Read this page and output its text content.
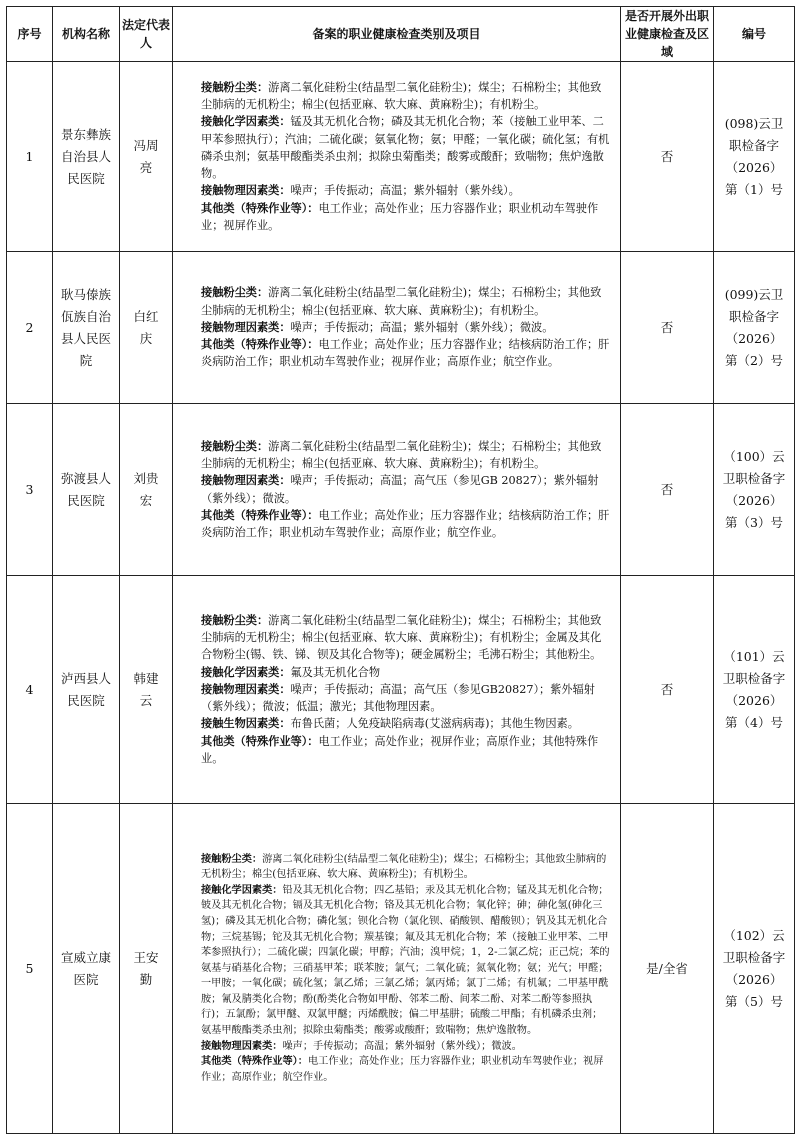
序号	机构名称	法定代表人	备案的职业健康检查类别及项目	是否开展外出职业健康检查及区域	编号
1	景东彝族自治县人民医院	冯周亮	接触粉尘类：游离二氧化硅粉尘(结晶型二氧化硅粉尘)；煤尘；石棉粉尘；其他致尘肺病的无机粉尘；棉尘(包括亚麻、软大麻、黄麻粉尘)；有机粉尘。
接触化学因素类：锰及其无机化合物；磷及其无机化合物；苯（接触工业甲苯、二甲苯参照执行）；汽油；二硫化碳；氨氧化物；氨；甲醛；一氧化碳；硫化氢；有机磷杀虫剂；氨基甲酸酯类杀虫剂；拟除虫菊酯类；酸雾或酸酐；致喘物；焦炉逸散物。
接触物理因素类：噪声；手传振动；高温；紫外辐射（紫外线）。
其他类（特殊作业等）：电工作业；高处作业；压力容器作业；职业机动车驾驶作业；视屏作业。	否	(098)云卫职检备字（2026）第（1）号
2	耿马傣族佤族自治县人民医院	白红庆	接触粉尘类：游离二氧化硅粉尘(结晶型二氧化硅粉尘)；煤尘；石棉粉尘；其他致尘肺病的无机粉尘；棉尘(包括亚麻、软大麻、黄麻粉尘)；有机粉尘。
接触物理因素类：噪声；手传振动；高温；紫外辐射（紫外线）；微波。
其他类（特殊作业等）：电工作业；高处作业；压力容器作业；结核病防治工作；肝炎病防治工作；职业机动车驾驶作业；视屏作业；高原作业；航空作业。	否	(099)云卫职检备字（2026）第（2）号
3	弥渡县人民医院	刘贵宏	接触粉尘类：游离二氧化硅粉尘(结晶型二氧化硅粉尘)；煤尘；石棉粉尘；其他致尘肺病的无机粉尘；棉尘(包括亚麻、软大麻、黄麻粉尘)；有机粉尘。
接触物理因素类：噪声；手传振动；高温；高气压（参见GB 20827）；紫外辐射（紫外线）；微波。
其他类（特殊作业等）：电工作业；高处作业；压力容器作业；结核病防治工作；肝炎病防治工作；职业机动车驾驶作业；高原作业；航空作业。	否	（100）云卫职检备字（2026）第（3）号
4	泸西县人民医院	韩建云	接触粉尘类：游离二氧化硅粉尘(结晶型二氧化硅粉尘)；煤尘；石棉粉尘；其他致尘肺病的无机粉尘；棉尘(包括亚麻、软大麻、黄麻粉尘)；有机粉尘；金属及其化合物粉尘(锡、铁、锑、钡及其化合物等)；硬金属粉尘；毛沸石粉尘；其他粉尘。
接触化学因素类：氟及其无机化合物
接触物理因素类：噪声；手传振动；高温；高气压（参见GB20827）；紫外辐射（紫外线）；微波；低温；激光；其他物理因素。
接触生物因素类：布鲁氏菌；人免疫缺陷病毒(艾滋病病毒)；其他生物因素。
其他类（特殊作业等）：电工作业；高处作业；视屏作业；高原作业；其他特殊作业。	否	（101）云卫职检备字（2026）第（4）号
5	宣威立康医院	王安勤	接触粉尘类：游离二氧化硅粉尘(结晶型二氧化硅粉尘)；煤尘；石棉粉尘；其他致尘肺病的无机粉尘；棉尘(包括亚麻、软大麻、黄麻粉尘)；有机粉尘。
接触化学因素类：铅及其无机化合物；四乙基铅；汞及其无机化合物；锰及其无机化合物；铍及其无机化合物；镉及其无机化合物；铬及其无机化合物；氧化锌；砷；砷化氢(砷化三氢)；磷及其无机化合物；磷化氢；钡化合物（氯化钡、硝酸钡、醋酸钡）；钒及其无机化合物；三烷基锡；铊及其无机化合物；羰基镍；氟及其无机化合物；苯（接触工业甲苯、二甲苯参照执行）；二硫化碳；四氯化碳；甲醇；汽油；溴甲烷；1，2-二氯乙烷；正己烷；苯的氨基与硝基化合物；三硝基甲苯；联苯胺；氯气；二氧化硫；氮氧化物；氨；光气；甲醛；一甲胺；一氧化碳；硫化氢；氯乙烯；三氯乙烯；氯丙烯；氯丁二烯；有机氟；二甲基甲酰胺；氰及腈类化合物；酚(酚类化合物如甲酚、邻苯二酚、间苯二酚、对苯二酚等参照执行)；五氯酚；氯甲醚、双氯甲醚；丙烯酰胺；偏二甲基肼；硫酸二甲酯；有机磷杀虫剂；氨基甲酸酯类杀虫剂；拟除虫菊酯类；酸雾或酸酐；致喘物；焦炉逸散物。
接触物理因素类：噪声；手传振动；高温；紫外辐射（紫外线）；微波。
其他类（特殊作业等）：电工作业；高处作业；压力容器作业；职业机动车驾驶作业；视屏作业；高原作业；航空作业。	是/全省	（102）云卫职检备字（2026）第（5）号
